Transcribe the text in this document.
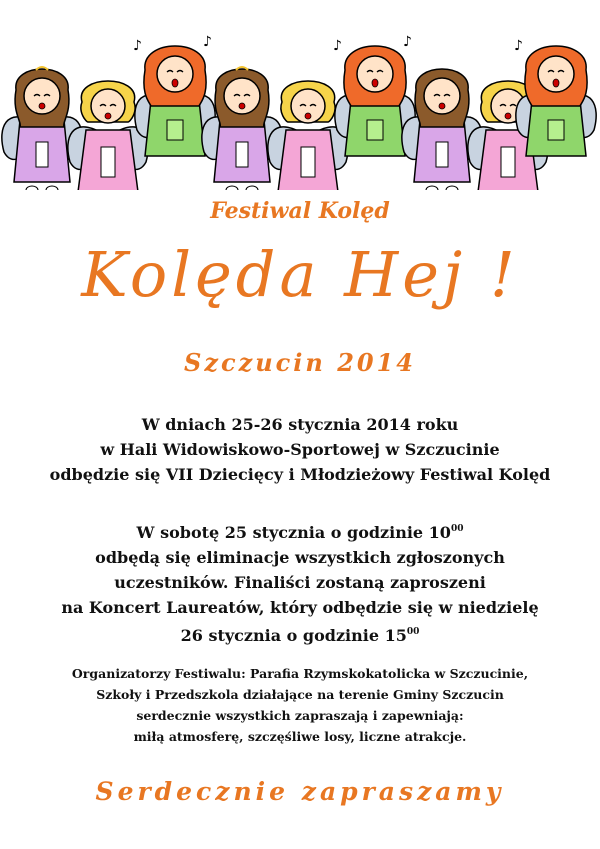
♪	♪	♪	♪	♪
Festiwal Kolęd
Kolęda Hej !
Szczucin 2014
W dniach 25-26 stycznia 2014 roku
w Hali Widowiskowo-Sportowej w Szczucinie
odbędzie się VII Dziecięcy i Młodzieżowy Festiwal Kolęd
W sobotę 25 stycznia o godzinie $10^{00}$
odbędą się eliminacje wszystkich zgłoszonych
uczestników. Finaliści zostaną zaproszeni
na Koncert Laureatów, który odbędzie się w niedzielę
26 stycznia o godzinie $15^{00}$
Organizatorzy Festiwalu: Parafia Rzymskokatolicka w Szczucinie,
Szkoły i Przedszkola działające na terenie Gminy Szczucin
serdecznie wszystkich zapraszają i zapewniają:
miłą atmosferę, szczęśliwe losy, liczne atrakcje.
Serdecznie zapraszamy
